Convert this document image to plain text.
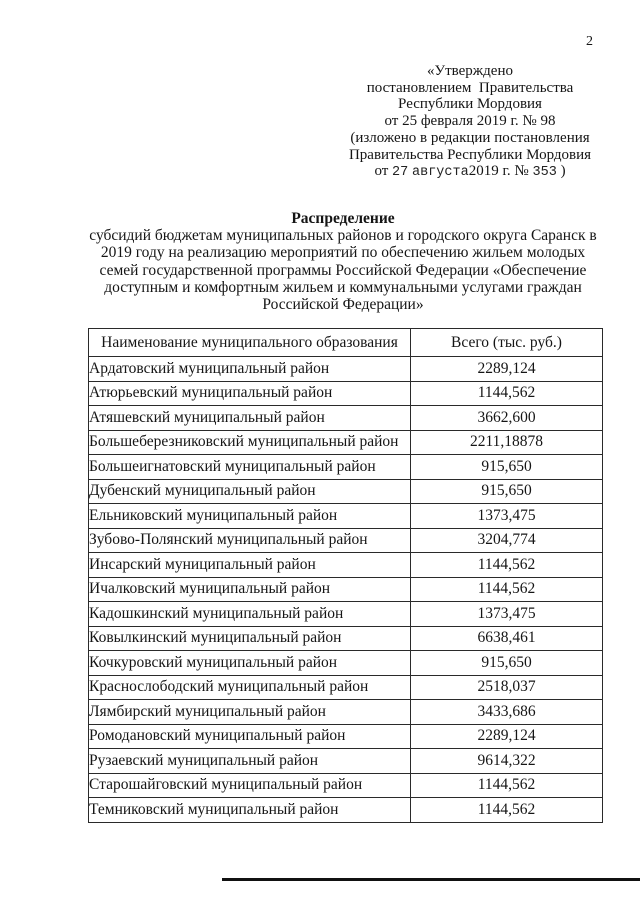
2
«Утверждено
постановлением  Правительства
Республики Мордовия
от 25 февраля 2019 г. № 98
(изложено в редакции постановления
Правительства Республики Мордовия
от 27 августа2019 г. № 353 )
Распределение
субсидий бюджетам муниципальных районов и городского округа Саранск в
2019 году на реализацию мероприятий по обеспечению жильем молодых
семей государственной программы Российской Федерации «Обеспечение
доступным и комфортным жильем и коммунальными услугами граждан
Российской Федерации»
Наименование муниципального образования	Всего (тыс. руб.)
Ардатовский муниципальный район	2289,124
Атюрьевский муниципальный район	1144,562
Атяшевский муниципальный район	3662,600
Большеберезниковский муниципальный район	2211,18878
Большеигнатовский муниципальный район	915,650
Дубенский муниципальный район	915,650
Ельниковский муниципальный район	1373,475
Зубово-Полянский муниципальный район	3204,774
Инсарский муниципальный район	1144,562
Ичалковский муниципальный район	1144,562
Кадошкинский муниципальный район	1373,475
Ковылкинский муниципальный район	6638,461
Кочкуровский муниципальный район	915,650
Краснослободский муниципальный район	2518,037
Лямбирский муниципальный район	3433,686
Ромодановский муниципальный район	2289,124
Рузаевский муниципальный район	9614,322
Старошайговский муниципальный район	1144,562
Темниковский муниципальный район	1144,562
